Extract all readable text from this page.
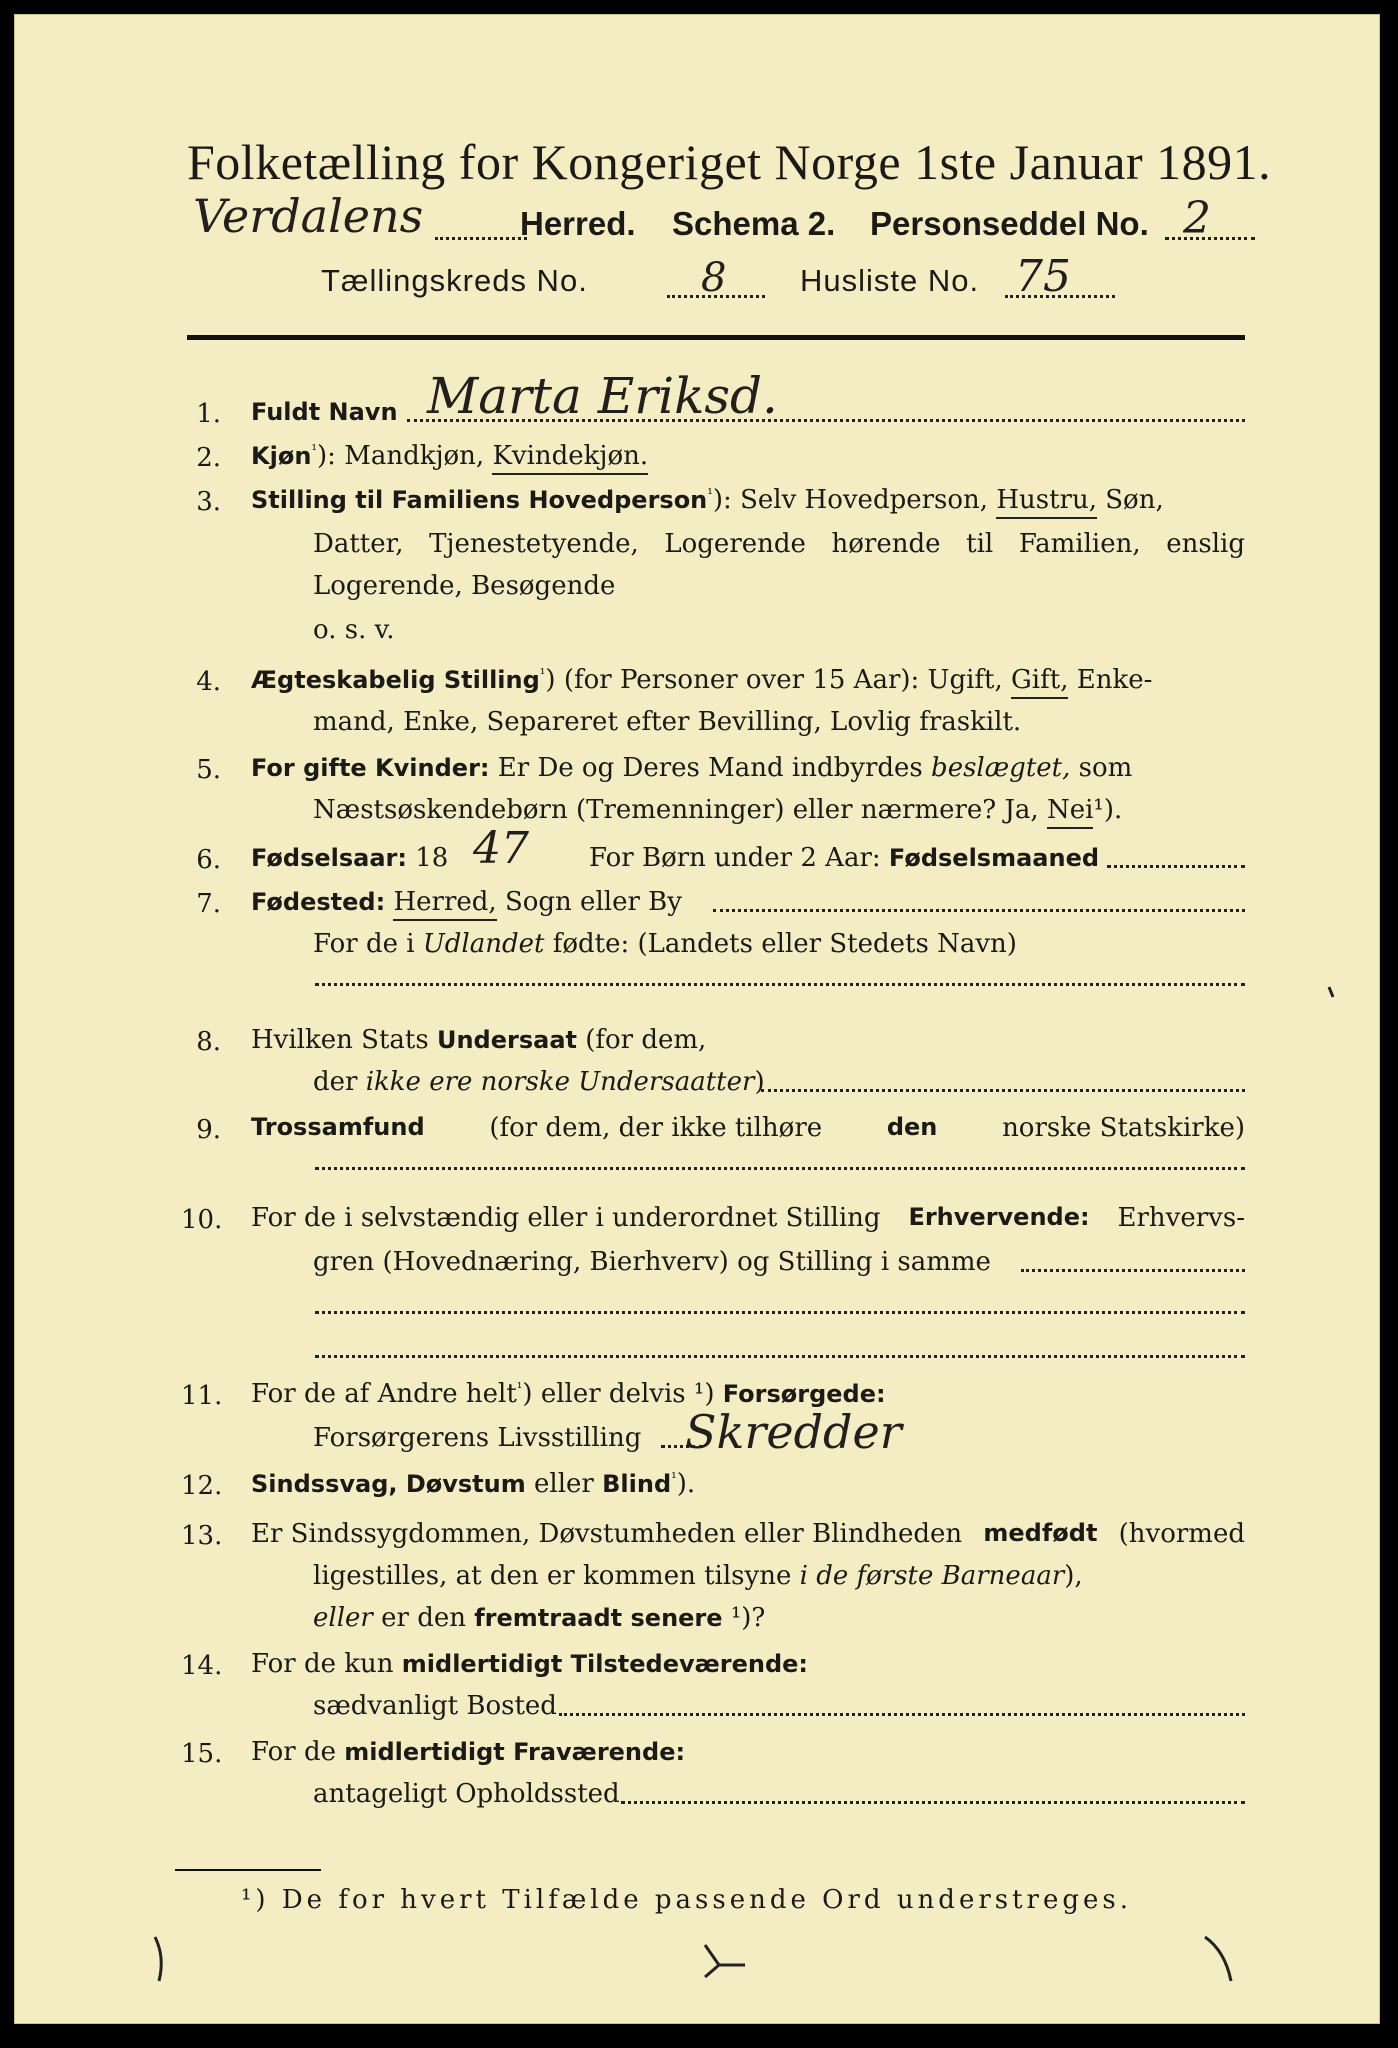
Folketælling for Kongeriget Norge 1ste Januar 1891.
Verdalens	Herred. Schema 2. Personseddel No. 2
Tællingskreds No.	8 Husliste No. 75
1. Fuldt Navn Marta Eriksd.
2. Kjøn$^{^1}$): Mandkjøn, Kvindekjøn.
3. Stilling til Familiens Hovedperson$^{^1}$): Selv Hovedperson, Hustru, Søn,
Datter, Tjenestetyende, Logerende hørende til Familien, enslig
Logerende, Besøgende
o. s. v.
4. Ægteskabelig Stilling$^{^1}$) (for Personer over 15 Aar): Ugift, Gift, Enke-
mand, Enke, Separeret efter Bevilling, Lovlig fraskilt.
5. For gifte Kvinder: Er De og Deres Mand indbyrdes beslægtet, som
Næstsøskendebørn (Tremenninger) eller nærmere? Ja, Nei¹).
6. Fødselsaar: 18 47 For Børn under 2 Aar: Fødselsmaaned
7. Fødested: Herred, Sogn eller By
For de i Udlandet fødte: (Landets eller Stedets Navn)
8. Hvilken Stats Undersaat (for dem,
der ikke ere norske Undersaatter)
9. Trossamfund (for dem, der ikke tilhøre	den norske Statskirke)
10. For de i selvstændig eller i underordnet Stilling Erhvervende: Erhvervs-
gren (Hovednæring, Bierhverv) og Stilling i samme
11. For de af Andre helt$^{^1}$) eller delvis ¹) Forsørgede:
Forsørgerens Livsstilling Skredder
12. Sindssvag, Døvstum eller Blind$^{^1}$).
13. Er Sindssygdommen, Døvstumheden eller Blindheden medfødt (hvormed
ligestilles, at den er kommen tilsyne i de første Barneaar),
eller er den fremtraadt senere ¹)?
14. For de kun midlertidigt Tilstedeværende:
sædvanligt Bosted
15. For de midlertidigt Fraværende:
antageligt Opholdssted
¹) De for hvert Tilfælde passende Ord understreges.
